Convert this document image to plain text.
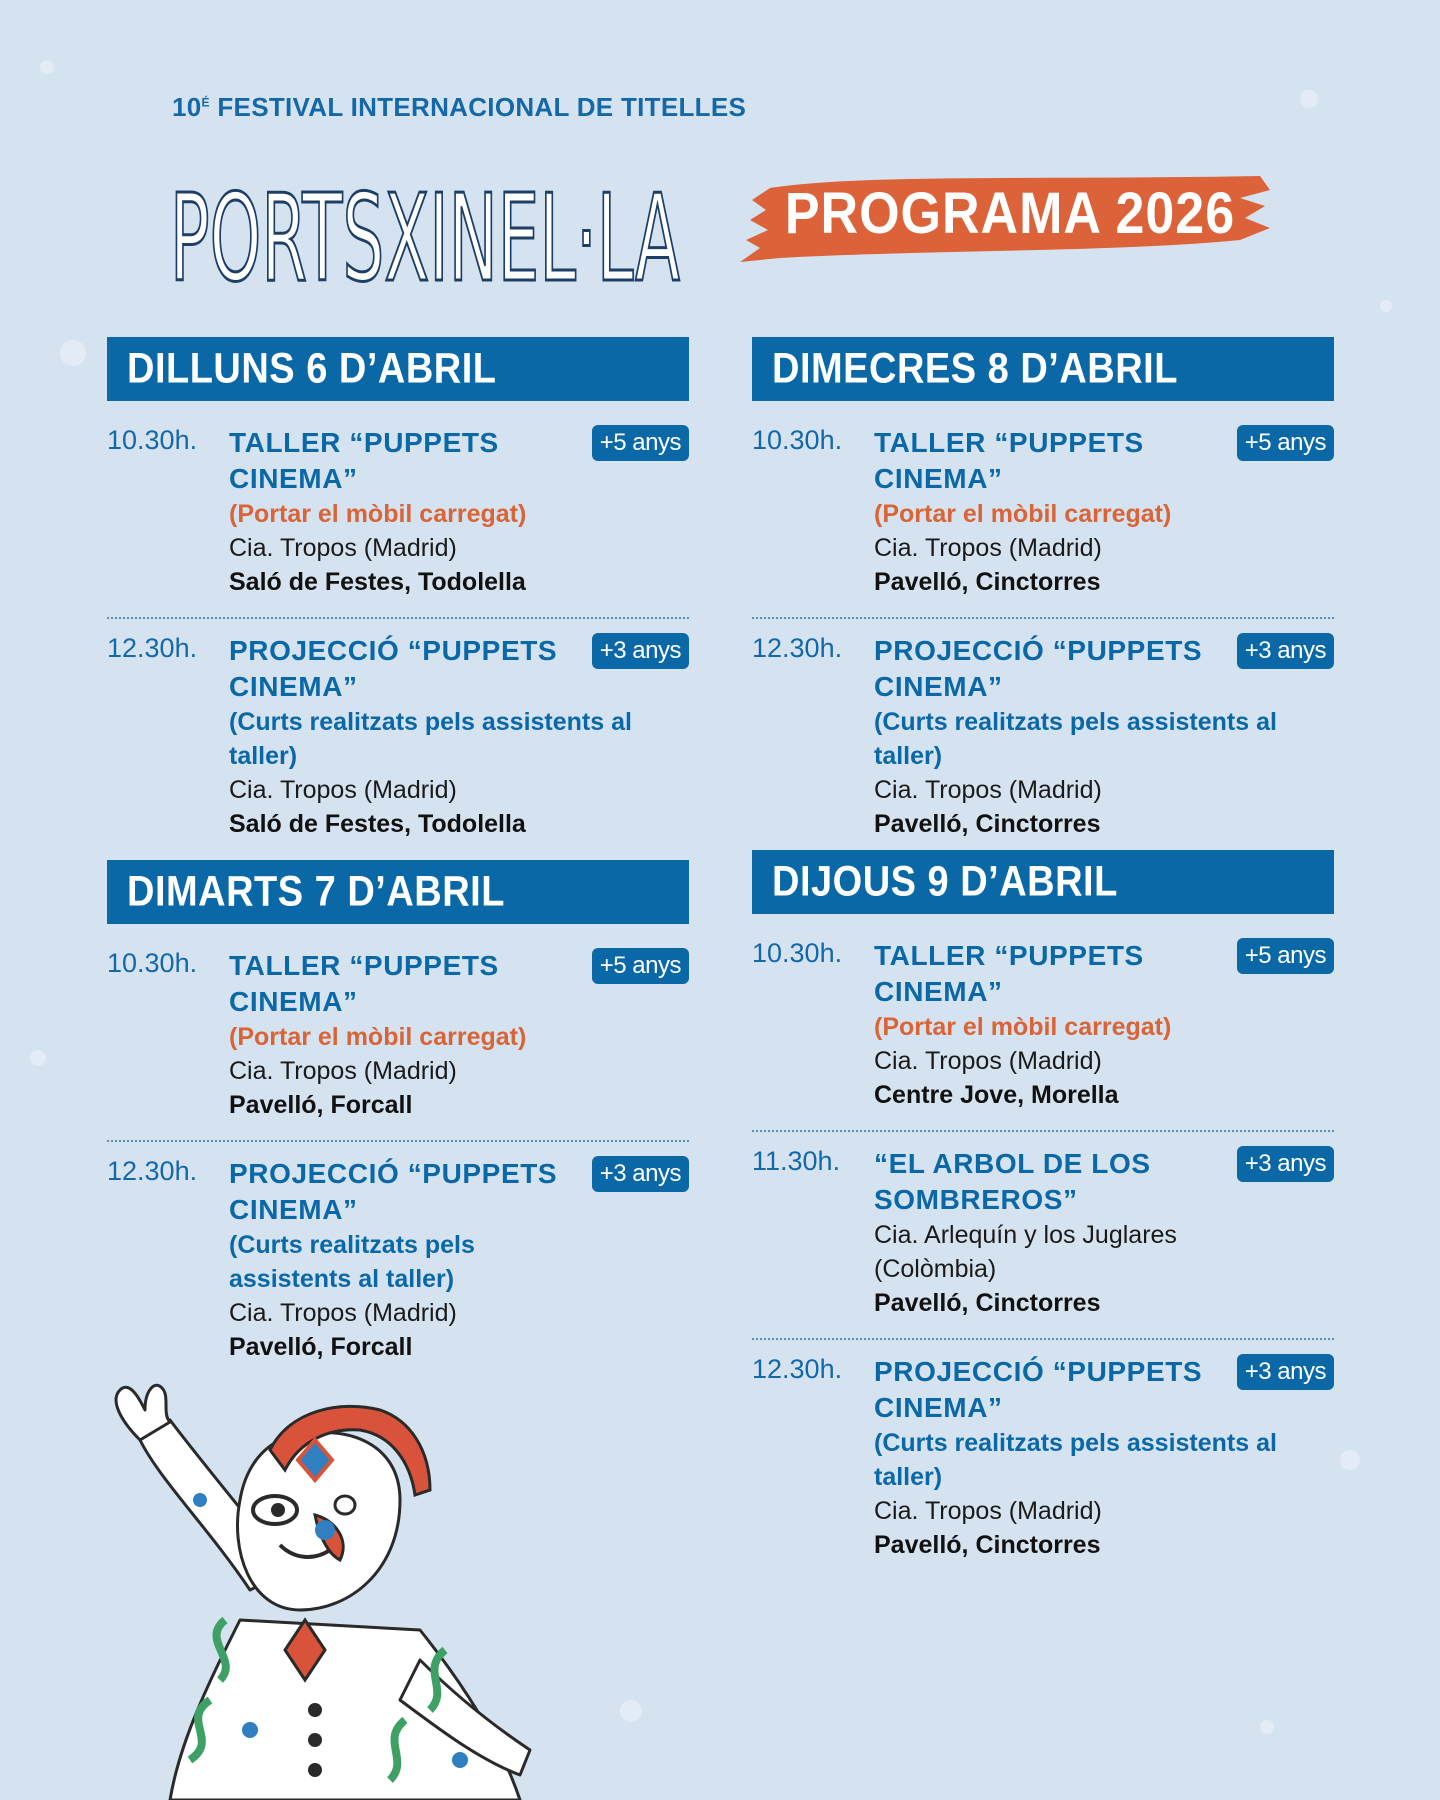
$10^É$ FESTIVAL INTERNACIONAL DE TITELLES
PORTSXINEL·LA	PROGRAMA 2026
DILLUNS 6 D’ABRIL
10.30h.	+5 anys
TALLER “PUPPETS CINEMA”
(Portar el mòbil carregat)
Cia. Tropos (Madrid)
Saló de Festes, Todolella
12.30h.	+3 anys
PROJECCIÓ “PUPPETS CINEMA”
(Curts realitzats pels assistents al taller)
Cia. Tropos (Madrid)
Saló de Festes, Todolella
DIMARTS 7 D’ABRIL
10.30h.	+5 anys
TALLER “PUPPETS CINEMA”
(Portar el mòbil carregat)
Cia. Tropos (Madrid)
Pavelló, Forcall
12.30h.	+3 anys
PROJECCIÓ “PUPPETS CINEMA”
(Curts realitzats pels assistents al taller)
Cia. Tropos (Madrid)
Pavelló, Forcall
DIMECRES 8 D’ABRIL
10.30h.	+5 anys
TALLER “PUPPETS CINEMA”
(Portar el mòbil carregat)
Cia. Tropos (Madrid)
Pavelló, Cinctorres
12.30h.	+3 anys
PROJECCIÓ “PUPPETS CINEMA”
(Curts realitzats pels assistents al taller)
Cia. Tropos (Madrid)
Pavelló, Cinctorres
DIJOUS 9 D’ABRIL
10.30h.	+5 anys
TALLER “PUPPETS CINEMA”
(Portar el mòbil carregat)
Cia. Tropos (Madrid)
Centre Jove, Morella
11.30h.	+3 anys
“EL ARBOL DE LOS SOMBREROS”
Cia. Arlequín y los Juglares (Colòmbia)
Pavelló, Cinctorres
12.30h.	+3 anys
PROJECCIÓ “PUPPETS CINEMA”
(Curts realitzats pels assistents al taller)
Cia. Tropos (Madrid)
Pavelló, Cinctorres
